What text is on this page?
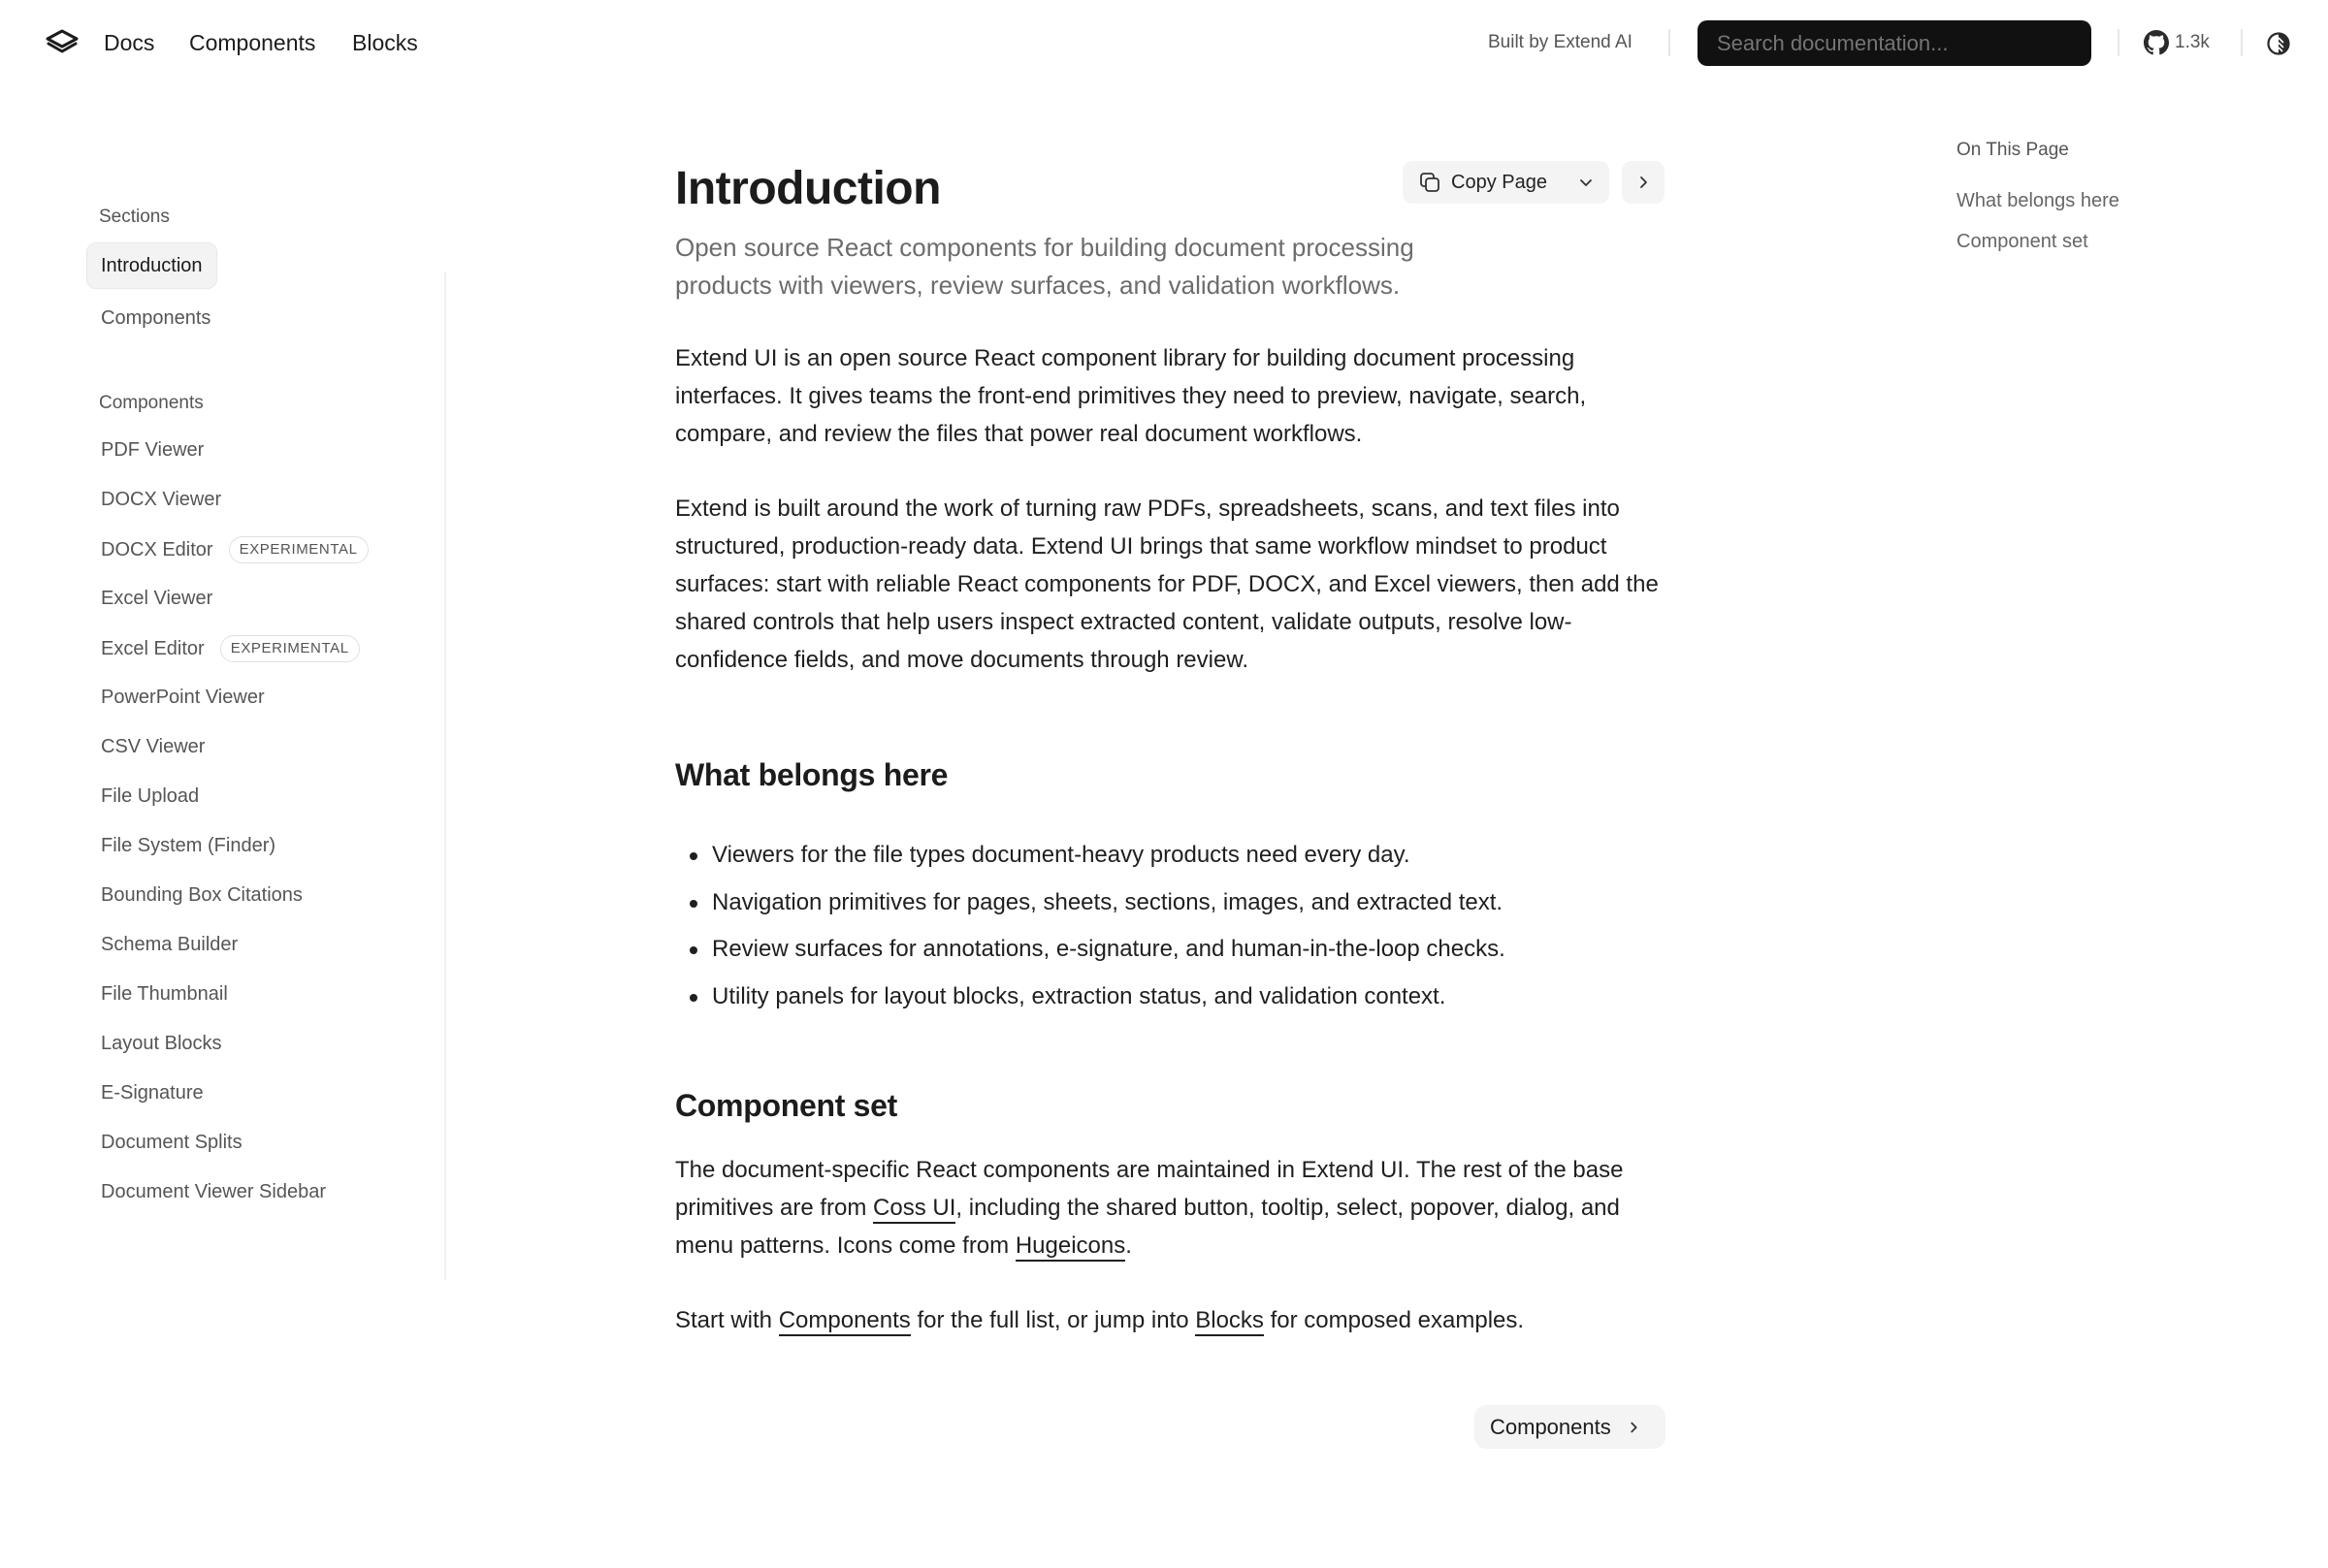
Docs Components Blocks	Built by Extend AI
Search documentation...	1.3k
Sections
Introduction
Components
Components
PDF Viewer
DOCX Viewer
DOCX Editor EXPERIMENTAL
Excel Viewer
Excel Editor EXPERIMENTAL
PowerPoint Viewer
CSV Viewer
File Upload
File System (Finder)
Bounding Box Citations
Schema Builder
File Thumbnail
Layout Blocks
E-Signature
Document Splits
Document Viewer Sidebar
Introduction	Copy Page

Open source React components for building document processing products with viewers, review surfaces, and validation workflows.

Extend UI is an open source React component library for building document processing interfaces. It gives teams the front-end primitives they need to preview, navigate, search, compare, and review the files that power real document workflows.

Extend is built around the work of turning raw PDFs, spreadsheets, scans, and text files into structured, production-ready data. Extend UI brings that same workflow mindset to product surfaces: start with reliable React components for PDF, DOCX, and Excel viewers, then add the shared controls that help users inspect extracted content, validate outputs, resolve low-confidence fields, and move documents through review.

What belongs here
Viewers for the file types document-heavy products need every day.
Navigation primitives for pages, sheets, sections, images, and extracted text.
Review surfaces for annotations, e-signature, and human-in-the-loop checks.
Utility panels for layout blocks, extraction status, and validation context.
Component set

The document-specific React components are maintained in Extend UI. The rest of the base primitives are from Coss UI, including the shared button, tooltip, select, popover, dialog, and menu patterns. Icons come from Hugeicons.

Start with Components for the full list, or jump into Blocks for composed examples.

Components
On This Page
What belongs here
Component set
